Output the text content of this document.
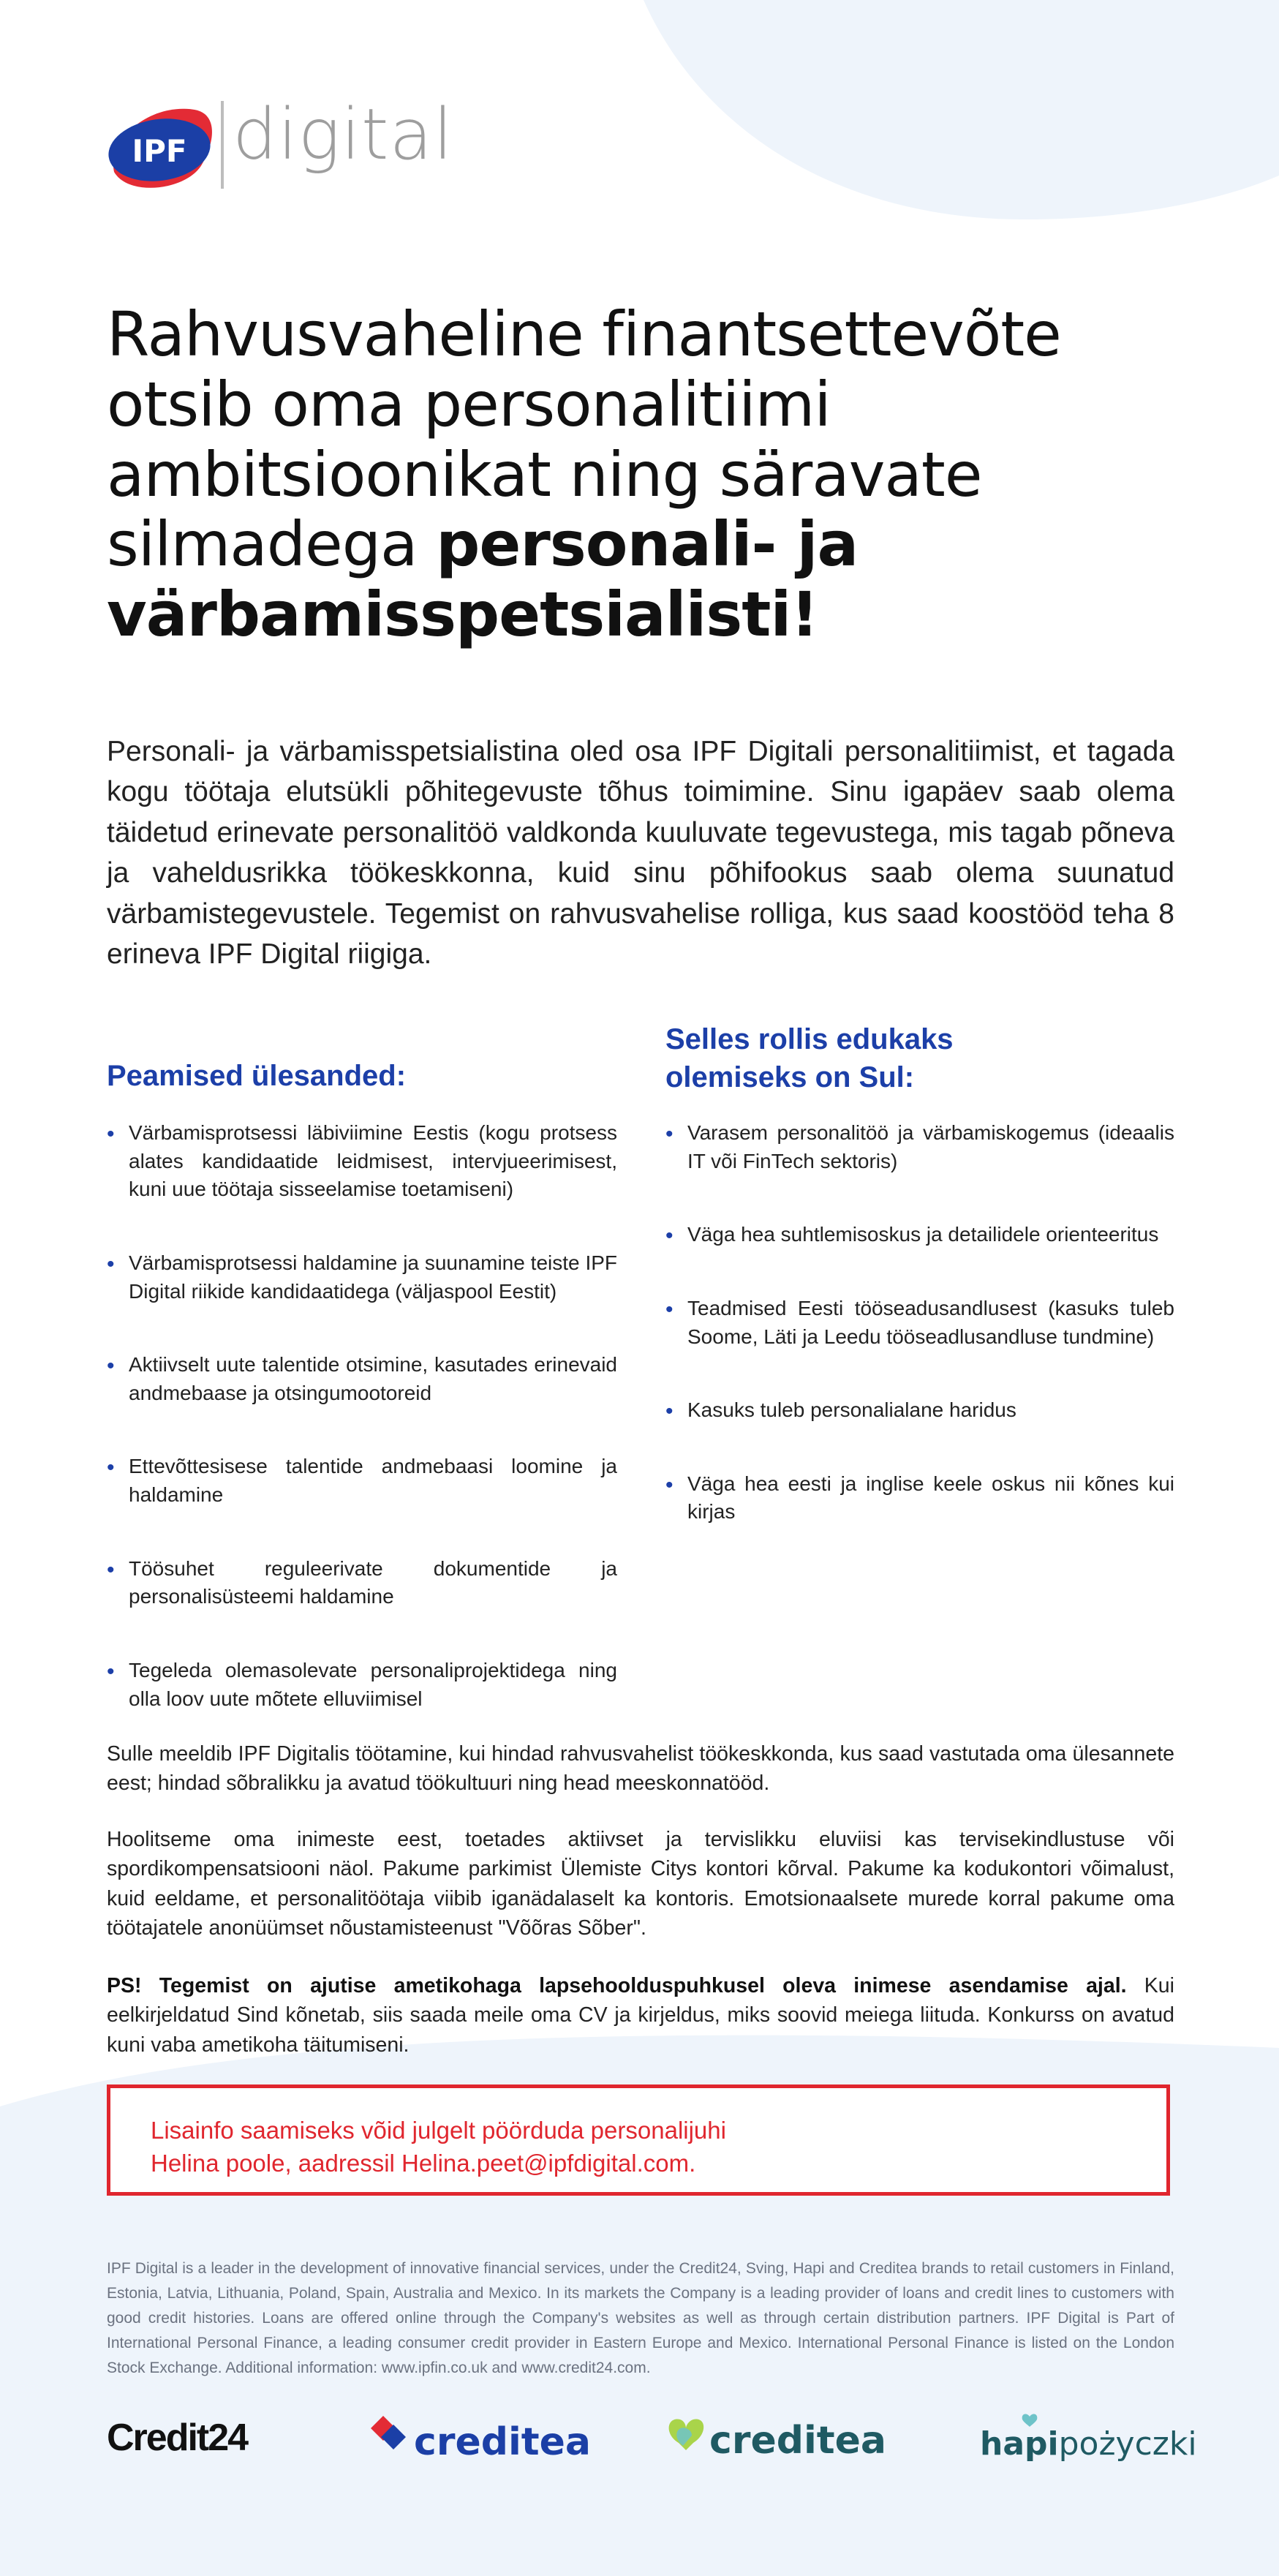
IPF digital
Rahvusvaheline finantsettevõte
otsib oma personalitiimi
ambitsioonikat ning säravate
silmadega personali- ja
värbamisspetsialisti!
Personali- ja värbamisspetsialistina oled osa IPF Digitali personalitiimist, et tagada kogu töötaja elutsükli põhitegevuste tõhus toimimine. Sinu igapäev saab olema täidetud erinevate personalitöö valdkonda kuuluvate tegevustega, mis tagab põneva ja vaheldusrikka töökeskkonna, kuid sinu põhifookus saab olema suunatud värbamistegevustele. Tegemist on rahvusvahelise rolliga, kus saad koostööd teha 8 erineva IPF Digital riigiga.
Peamised ülesanded:
Selles rollis edukaks
olemiseks on Sul:
• Värbamisprotsessi läbiviimine Eestis (kogu protsess alates kandidaatide leidmisest, intervjueerimisest, kuni uue töötaja sisseelamise toetamiseni)
• Värbamisprotsessi haldamine ja suunamine teiste IPF Digital riikide kandidaatidega (väljaspool Eestit)
• Aktiivselt uute talentide otsimine, kasutades erinevaid andmebaase ja otsingumootoreid
• Ettevõttesisese talentide andmebaasi loomine ja haldamine
• Töösuhet reguleerivate dokumentide ja personalisüsteemi haldamine
• Tegeleda olemasolevate personaliprojektidega ning olla loov uute mõtete elluviimisel
• Varasem personalitöö ja värbamiskogemus (ideaalis IT või FinTech sektoris)
• Väga hea suhtlemisoskus ja detailidele orienteeritus
• Teadmised Eesti tööseadusandlusest (kasuks tuleb Soome, Läti ja Leedu tööseadlusandluse tundmine)
• Kasuks tuleb personalialane haridus
• Väga hea eesti ja inglise keele oskus nii kõnes kui kirjas
Sulle meeldib IPF Digitalis töötamine, kui hindad rahvusvahelist töökeskkonda, kus saad vastutada oma ülesannete eest; hindad sõbralikku ja avatud töökultuuri ning head meeskonnatööd.
Hoolitseme oma inimeste eest, toetades aktiivset ja tervislikku eluviisi kas tervisekindlustuse või spordikompensatsiooni näol. Pakume parkimist Ülemiste Citys kontori kõrval. Pakume ka kodukontori võimalust, kuid eeldame, et personalitöötaja viibib iganädalaselt ka kontoris. Emotsionaalsete murede korral pakume oma töötajatele anonüümset nõustamisteenust "Võõras Sõber".
PS! Tegemist on ajutise ametikohaga lapsehoolduspuhkusel oleva inimese asendamise ajal. Kui eelkirjeldatud Sind kõnetab, siis saada meile oma CV ja kirjeldus, miks soovid meiega liituda. Konkurss on avatud kuni vaba ametikoha täitumiseni.
Lisainfo saamiseks võid julgelt pöörduda personalijuhi
Helina poole, aadressil Helina.peet@ipfdigital.com.
IPF Digital is a leader in the development of innovative financial services, under the Credit24, Sving, Hapi and Creditea brands to retail customers in Finland, Estonia, Latvia, Lithuania, Poland, Spain, Australia and Mexico. In its markets the Company is a leading provider of loans and credit lines to customers with good credit histories. Loans are offered online through the Company's websites as well as through certain distribution partners. IPF Digital is Part of International Personal Finance, a leading consumer credit provider in Eastern Europe and Mexico. International Personal Finance is listed on the London Stock Exchange. Additional information: www.ipfin.co.uk and www.credit24.com.
Credit24	creditea	creditea	hapipożyczki
